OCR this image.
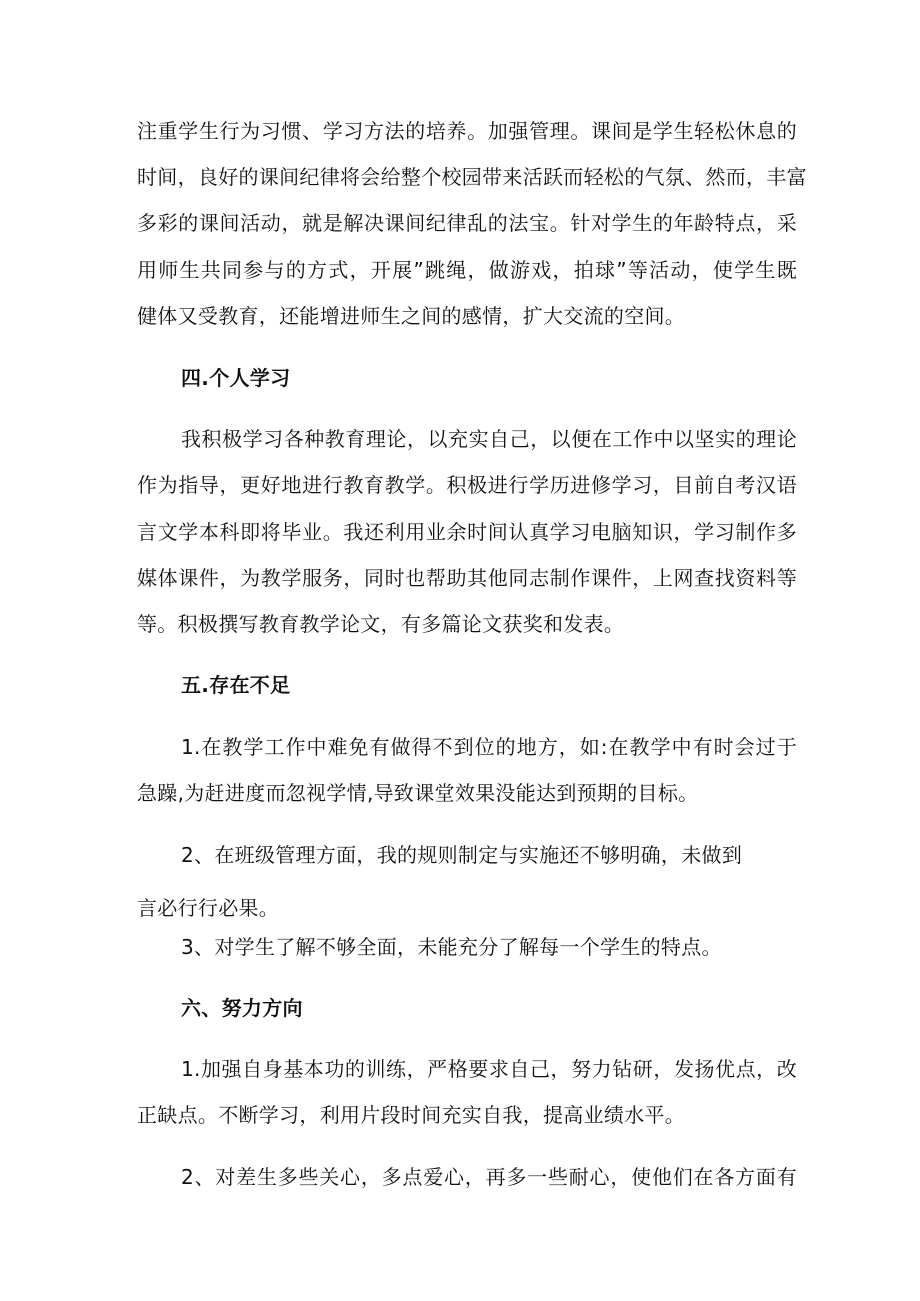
注重学生行为习惯、学习方法的培养。加强管理。课间是学生轻松休息的
时间，良好的课间纪律将会给整个校园带来活跃而轻松的气氛、然而，丰富
多彩的课间活动，就是解决课间纪律乱的法宝。针对学生的年龄特点，采
用师生共同参与的方式，开展”跳绳，做游戏，拍球”等活动，使学生既
健体又受教育，还能增进师生之间的感情，扩大交流的空间。
四.个人学习
我积极学习各种教育理论，以充实自己，以便在工作中以坚实的理论
作为指导，更好地进行教育教学。积极进行学历进修学习，目前自考汉语
言文学本科即将毕业。我还利用业余时间认真学习电脑知识，学习制作多
媒体课件，为教学服务，同时也帮助其他同志制作课件，上网查找资料等
等。积极撰写教育教学论文，有多篇论文获奖和发表。
五.存在不足
1.在教学工作中难免有做得不到位的地方，如:在教学中有时会过于
急躁,为赶进度而忽视学情,导致课堂效果没能达到预期的目标。
2、在班级管理方面，我的规则制定与实施还不够明确，未做到
言必行行必果。
3、对学生了解不够全面，未能充分了解每一个学生的特点。
六、努力方向
1.加强自身基本功的训练，严格要求自己，努力钻研，发扬优点，改
正缺点。不断学习，利用片段时间充实自我，提高业绩水平。
2、对差生多些关心，多点爱心，再多一些耐心，使他们在各方面有
